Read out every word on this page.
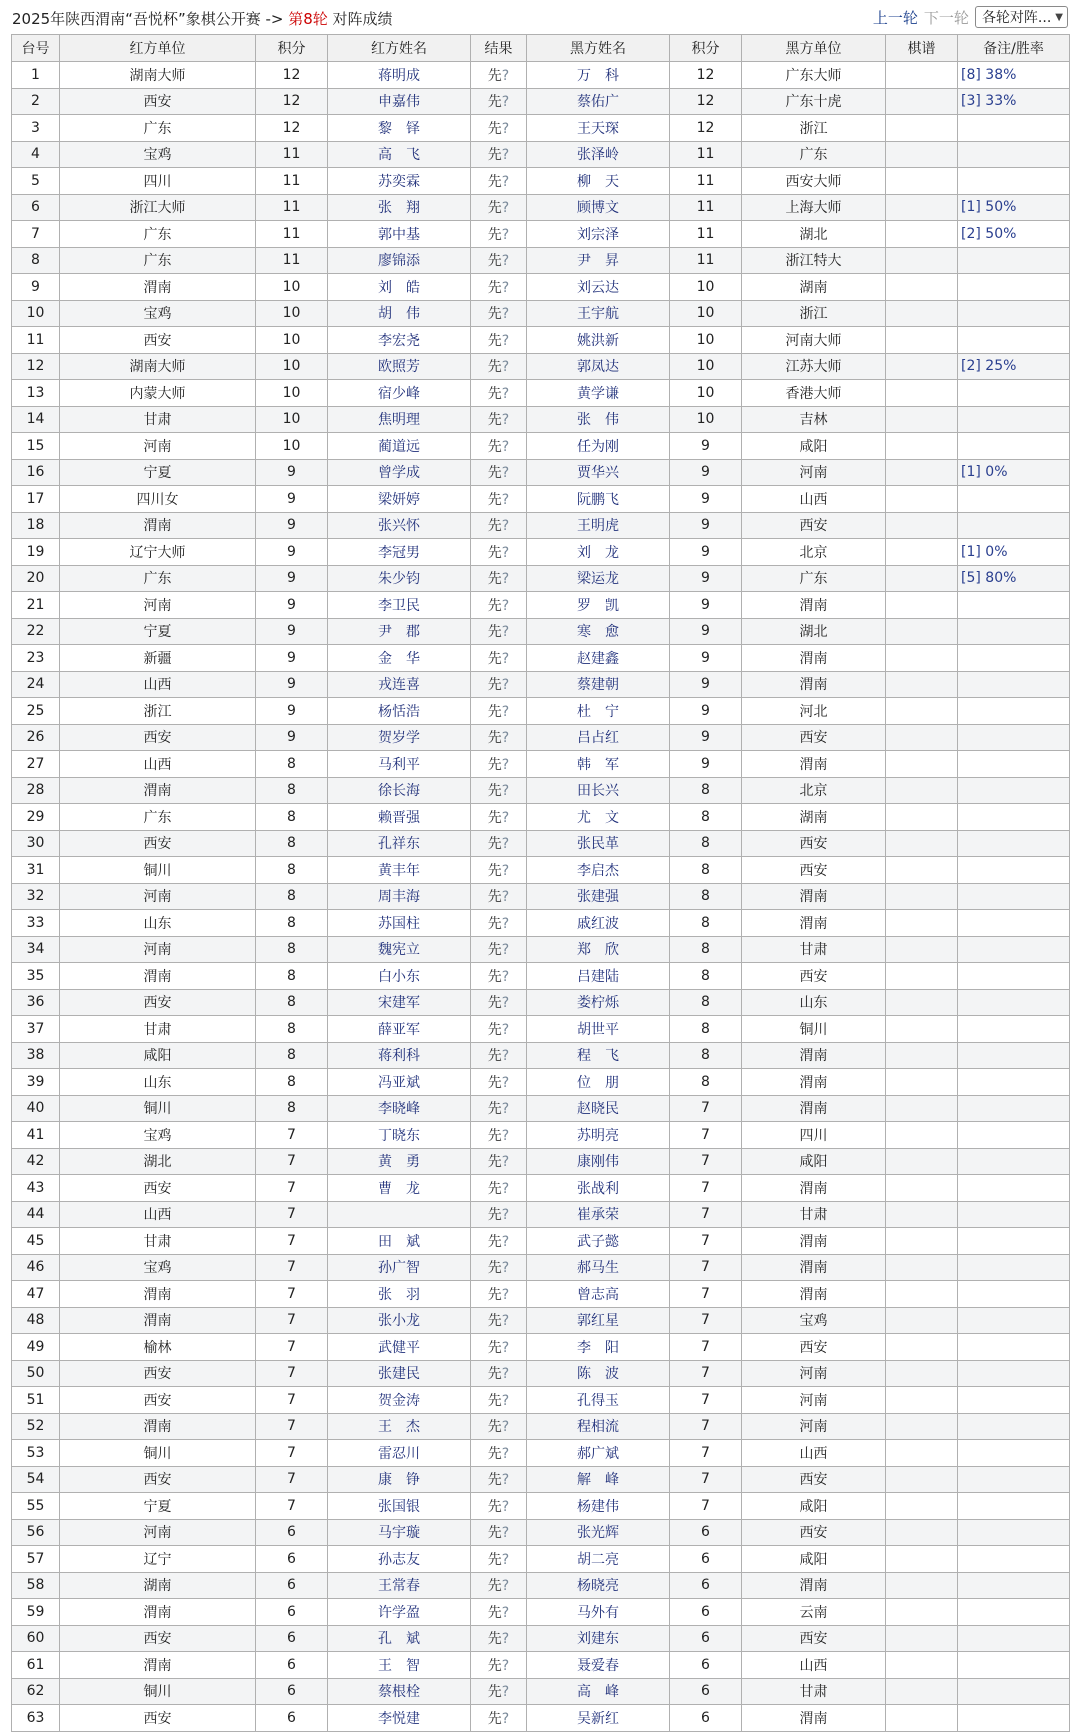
2025年陕西渭南“吾悦杯”象棋公开赛 -> 第8轮 对阵成绩	上一轮 下一轮 各轮对阵... ▼
台号	红方单位	积分	红方姓名	结果	黑方姓名	积分	黑方单位	棋谱	备注/胜率
1	湖南大师	12	蒋明成	先?	万　科	12	广东大师		[8] 38%
2	西安	12	申嘉伟	先?	蔡佑广	12	广东十虎		[3] 33%
3	广东	12	黎　铎	先?	王天琛	12	浙江		
4	宝鸡	11	高　飞	先?	张泽岭	11	广东		
5	四川	11	苏奕霖	先?	柳　天	11	西安大师		
6	浙江大师	11	张　翔	先?	顾博文	11	上海大师		[1] 50%
7	广东	11	郭中基	先?	刘宗泽	11	湖北		[2] 50%
8	广东	11	廖锦添	先?	尹　昇	11	浙江特大		
9	渭南	10	刘　皓	先?	刘云达	10	湖南		
10	宝鸡	10	胡　伟	先?	王宇航	10	浙江		
11	西安	10	李宏尧	先?	姚洪新	10	河南大师		
12	湖南大师	10	欧照芳	先?	郭凤达	10	江苏大师		[2] 25%
13	内蒙大师	10	宿少峰	先?	黄学谦	10	香港大师		
14	甘肃	10	焦明理	先?	张　伟	10	吉林		
15	河南	10	蔺道远	先?	任为刚	9	咸阳		
16	宁夏	9	曾学成	先?	贾华兴	9	河南		[1] 0%
17	四川女	9	梁妍婷	先?	阮鹏飞	9	山西		
18	渭南	9	张兴怀	先?	王明虎	9	西安		
19	辽宁大师	9	李冠男	先?	刘　龙	9	北京		[1] 0%
20	广东	9	朱少钧	先?	梁运龙	9	广东		[5] 80%
21	河南	9	李卫民	先?	罗　凯	9	渭南		
22	宁夏	9	尹　郡	先?	寒　愈	9	湖北		
23	新疆	9	金　华	先?	赵建鑫	9	渭南		
24	山西	9	戎连喜	先?	蔡建朝	9	渭南		
25	浙江	9	杨恬浩	先?	杜　宁	9	河北		
26	西安	9	贺岁学	先?	吕占红	9	西安		
27	山西	8	马利平	先?	韩　军	9	渭南		
28	渭南	8	徐长海	先?	田长兴	8	北京		
29	广东	8	赖晋强	先?	尤　文	8	湖南		
30	西安	8	孔祥东	先?	张民革	8	西安		
31	铜川	8	黄丰年	先?	李启杰	8	西安		
32	河南	8	周丰海	先?	张建强	8	渭南		
33	山东	8	苏国柱	先?	戚红波	8	渭南		
34	河南	8	魏宪立	先?	郑　欣	8	甘肃		
35	渭南	8	白小东	先?	吕建陆	8	西安		
36	西安	8	宋建军	先?	娄柠烁	8	山东		
37	甘肃	8	薛亚军	先?	胡世平	8	铜川		
38	咸阳	8	蒋利科	先?	程　飞	8	渭南		
39	山东	8	冯亚斌	先?	位　朋	8	渭南		
40	铜川	8	李晓峰	先?	赵晓民	7	渭南		
41	宝鸡	7	丁晓东	先?	苏明亮	7	四川		
42	湖北	7	黄　勇	先?	康刚伟	7	咸阳		
43	西安	7	曹　龙	先?	张战利	7	渭南		
44	山西	7		先?	崔承荣	7	甘肃		
45	甘肃	7	田　斌	先?	武子懿	7	渭南		
46	宝鸡	7	孙广智	先?	郝马生	7	渭南		
47	渭南	7	张　羽	先?	曾志高	7	渭南		
48	渭南	7	张小龙	先?	郭红星	7	宝鸡		
49	榆林	7	武健平	先?	李　阳	7	西安		
50	西安	7	张建民	先?	陈　波	7	河南		
51	西安	7	贺金涛	先?	孔得玉	7	河南		
52	渭南	7	王　杰	先?	程相流	7	河南		
53	铜川	7	雷忍川	先?	郝广斌	7	山西		
54	西安	7	康　铮	先?	解　峰	7	西安		
55	宁夏	7	张国银	先?	杨建伟	7	咸阳		
56	河南	6	马宇璇	先?	张光辉	6	西安		
57	辽宁	6	孙志友	先?	胡二亮	6	咸阳		
58	湖南	6	王常春	先?	杨晓亮	6	渭南		
59	渭南	6	许学盈	先?	马外有	6	云南		
60	西安	6	孔　斌	先?	刘建东	6	西安		
61	渭南	6	王　智	先?	聂爱春	6	山西		
62	铜川	6	蔡根栓	先?	高　峰	6	甘肃		
63	西安	6	李悦建	先?	吴新红	6	渭南		
